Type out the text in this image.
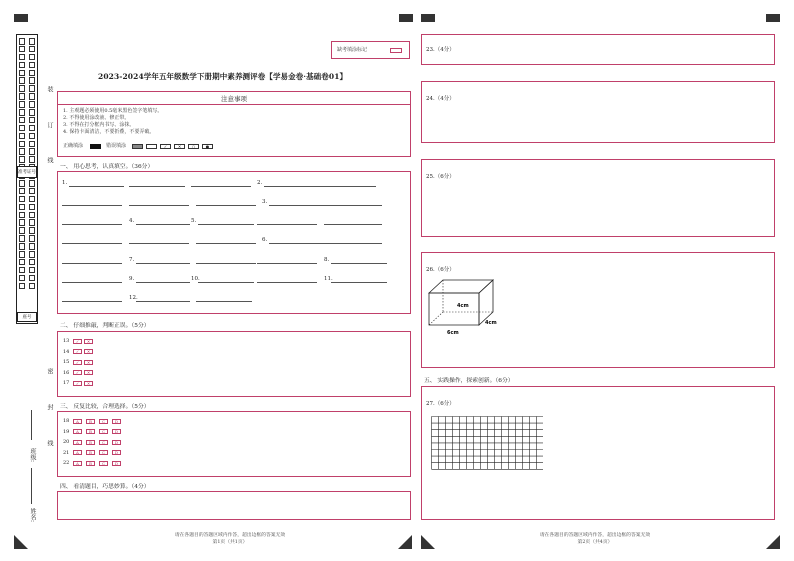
准考证号
座号
装
订
线
密
封
线
班级:
姓名:
缺考填涂标记
2023-2024学年五年级数学下册期中素养测评卷【学易金卷·基础卷01】
注意事项
1. 主观题必须使用0.5毫米黑色签字笔填写。
2. 不得使用涂改液、修正带。
3. 不得在打分框内书写、涂抹。
4. 保持卡面清洁，不要折叠，不要弄破。
正确填涂	错误填涂	✓	✕	○	●
一、 用心思考，认真填空。（36分）
1.	2.
3.
4.	5.
6.
7.	8.
9.	10.	11.
12.
二、 仔细推敲，判断正误。（5分）
13	✓	✕
14	✓	✕
15	✓	✕
16	✓	✕
17	✓	✕
三、 反复比较，合理选择。（5分）
18	A	B	C	D
19	A	B	C	D
20	A	B	C	D
21	A	B	C	D
22	A	B	C	D
四、 看清题目，巧思妙算。（4分）
请在各题目的答题区域内作答，超出边框的答案无效
第1页（共1页）
23.（4分）
24.（4分）
25.（6分）
26.（6分）
4cm
4cm
6cm
五、 实践操作，探索创新。（6分）
27.（6分）
请在各题目的答题区域内作答，超出边框的答案无效
第2页（共4页）
